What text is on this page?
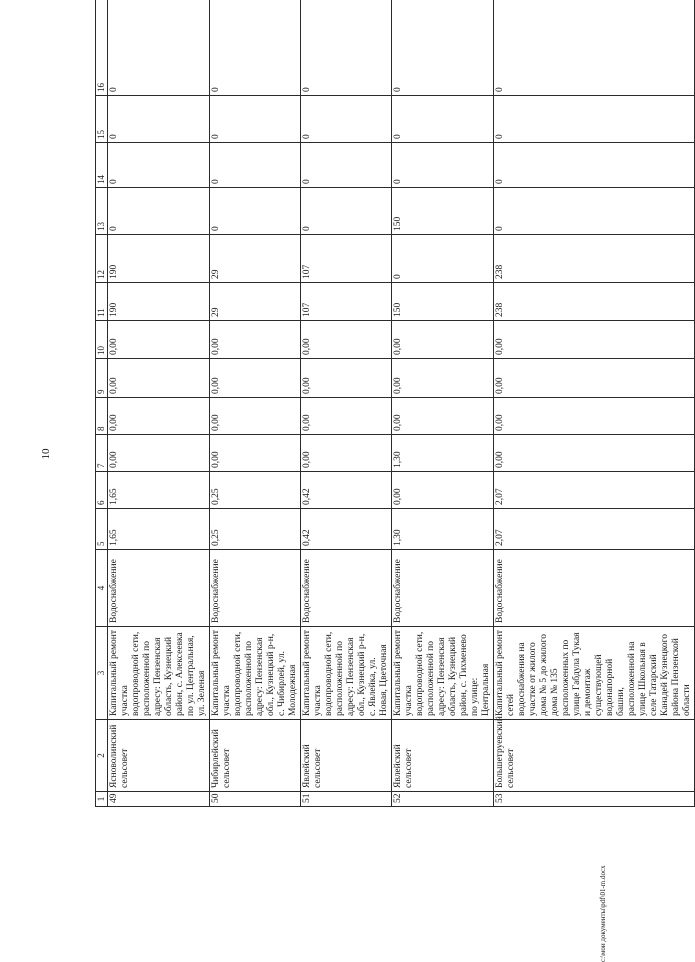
10
1	2	3	4	5	6	7	8	9	10	11	12	13	14	15	16
49	Ясноволинский сельсовет	Капитальный ремонт участка водопроводной сети, расположенной по адресу: Пензенская область, Кузнецкий район, с. Алексеевка по ул. Центральная, ул. Зеленая	Водоснабжение	1,65	1,65	0,00	0,00	0,00	0,00	190	190	0	0	0	0
50	Чибирлейский сельсовет	Капитальный ремонт участка водопроводной сети, расположенной по адресу: Пензенская обл., Кузнецкий р-н, с. Чибирлей, ул. Молодежная	Водоснабжение	0,25	0,25	0,00	0,00	0,00	0,00	29	29	0	0	0	0
51	Явлейский сельсовет	Капитальный ремонт участка водопроводной сети, расположенной по адресу: Пензенская обл., Кузнецкий р-н, с. Явлейка, ул. Новая, Цветочная	Водоснабжение	0,42	0,42	0,00	0,00	0,00	0,00	107	107	0	0	0	0
52	Явлейский сельсовет	Капитальный ремонт участка водопроводной сети, расположенной по адресу: Пензенская область, Кузнецкий район, с. Тихменево по улице: Центральная	Водоснабжение	1,30	0,00	1,30	0,00	0,00	0,00	150	0	150	0	0	0
53	Большетруевский сельсовет	Капитальный ремонт сетей водоснабжения на участке от жилого дома № 5 до жилого дома № 135 расположенных по улице Габдула Тукая и демонтаж существующей водонапорной башни, расположенной на улице Школьная в селе Татарский Канадей Кузнецкого района Пензенской области	Водоснабжение	2,07	2,07	0,00	0,00	0,00	0,00	238	238	0	0	0	0
c:\мои документы\pdf\01-m.docx
